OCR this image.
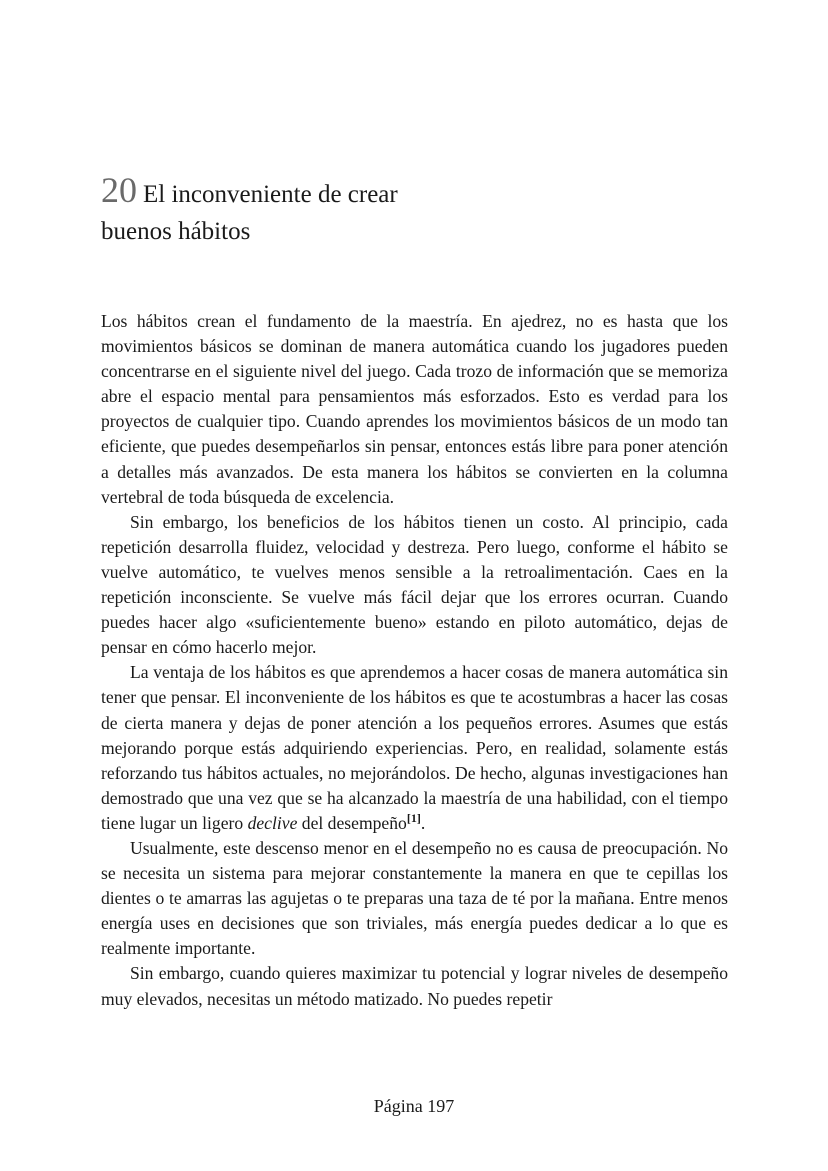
20 El inconveniente de crear
buenos hábitos

Los hábitos crean el fundamento de la maestría. En ajedrez, no es hasta que los movimientos básicos se dominan de manera automática cuando los jugadores pueden concentrarse en el siguiente nivel del juego. Cada trozo de información que se memoriza abre el espacio mental para pensamientos más esforzados. Esto es verdad para los proyectos de cualquier tipo. Cuando aprendes los movimientos básicos de un modo tan eficiente, que puedes desempeñarlos sin pensar, entonces estás libre para poner atención a detalles más avanzados. De esta manera los hábitos se convierten en la columna vertebral de toda búsqueda de excelencia.

Sin embargo, los beneficios de los hábitos tienen un costo. Al principio, cada repetición desarrolla fluidez, velocidad y destreza. Pero luego, conforme el hábito se vuelve automático, te vuelves menos sensible a la retroalimentación. Caes en la repetición inconsciente. Se vuelve más fácil dejar que los errores ocurran. Cuando puedes hacer algo «suficientemente bueno» estando en piloto automático, dejas de pensar en cómo hacerlo mejor.

La ventaja de los hábitos es que aprendemos a hacer cosas de manera automática sin tener que pensar. El inconveniente de los hábitos es que te acostumbras a hacer las cosas de cierta manera y dejas de poner atención a los pequeños errores. Asumes que estás mejorando porque estás adquiriendo experiencias. Pero, en realidad, solamente estás reforzando tus hábitos actuales, no mejorándolos. De hecho, algunas investigaciones han demostrado que una vez que se ha alcanzado la maestría de una habilidad, con el tiempo tiene lugar un ligero declive del desempeño[1].

Usualmente, este descenso menor en el desempeño no es causa de preocupación. No se necesita un sistema para mejorar constantemente la manera en que te cepillas los dientes o te amarras las agujetas o te preparas una taza de té por la mañana. Entre menos energía uses en decisiones que son triviales, más energía puedes dedicar a lo que es realmente importante.

Sin embargo, cuando quieres maximizar tu potencial y lograr niveles de desempeño muy elevados, necesitas un método matizado. No puedes repetir

Página 197
